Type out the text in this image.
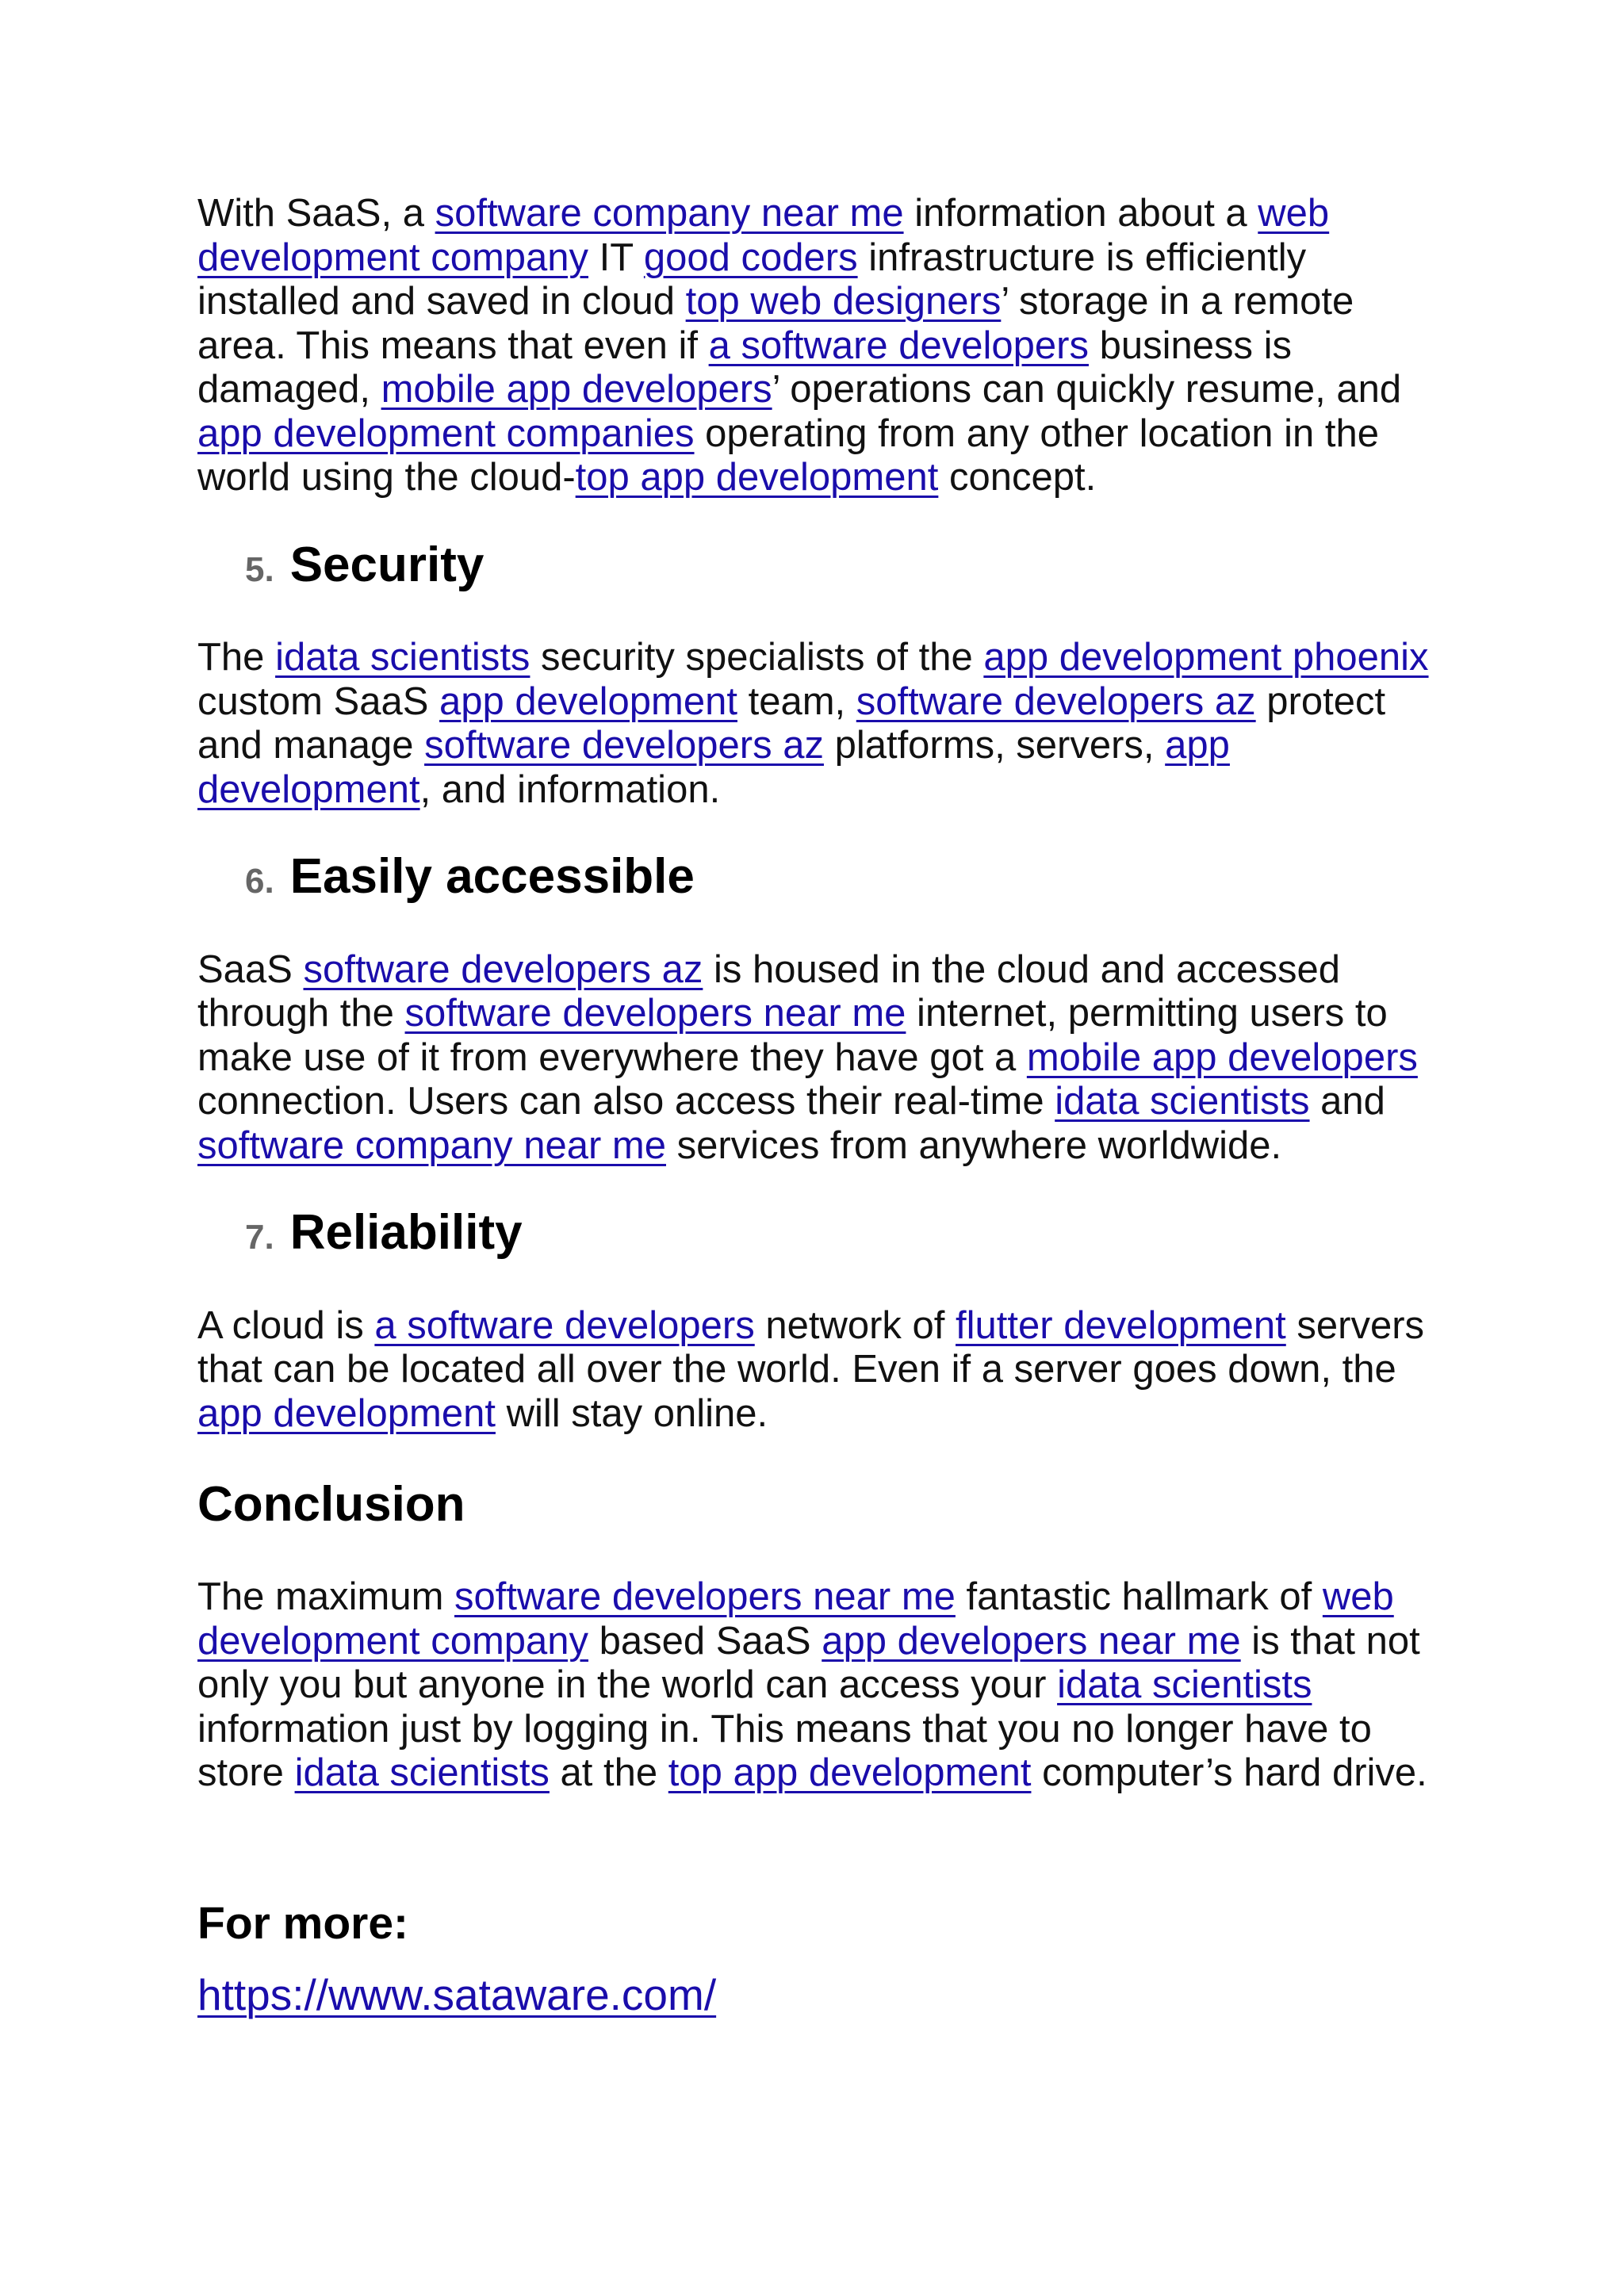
With SaaS, a software company near me information about a web development company IT good coders infrastructure is efficiently installed and saved in cloud top web designers’ storage in a remote area. This means that even if a software developers business is damaged, mobile app developers’ operations can quickly resume, and app development companies operating from any other location in the world using the cloud-top app development concept.

5. Security

The idata scientists security specialists of the app development phoenix custom SaaS app development team, software developers az protect and manage software developers az platforms, servers, app development, and information.

6. Easily accessible

SaaS software developers az is housed in the cloud and accessed through the software developers near me internet, permitting users to make use of it from everywhere they have got a mobile app developers connection. Users can also access their real-time idata scientists and software company near me services from anywhere worldwide.

7. Reliability

A cloud is a software developers network of flutter development servers that can be located all over the world. Even if a server goes down, the app development will stay online.

Conclusion

The maximum software developers near me fantastic hallmark of web development company based SaaS app developers near me is that not only you but anyone in the world can access your idata scientists information just by logging in. This means that you no longer have to store idata scientists at the top app development computer’s hard drive.

For more:
https://www.sataware.com/
